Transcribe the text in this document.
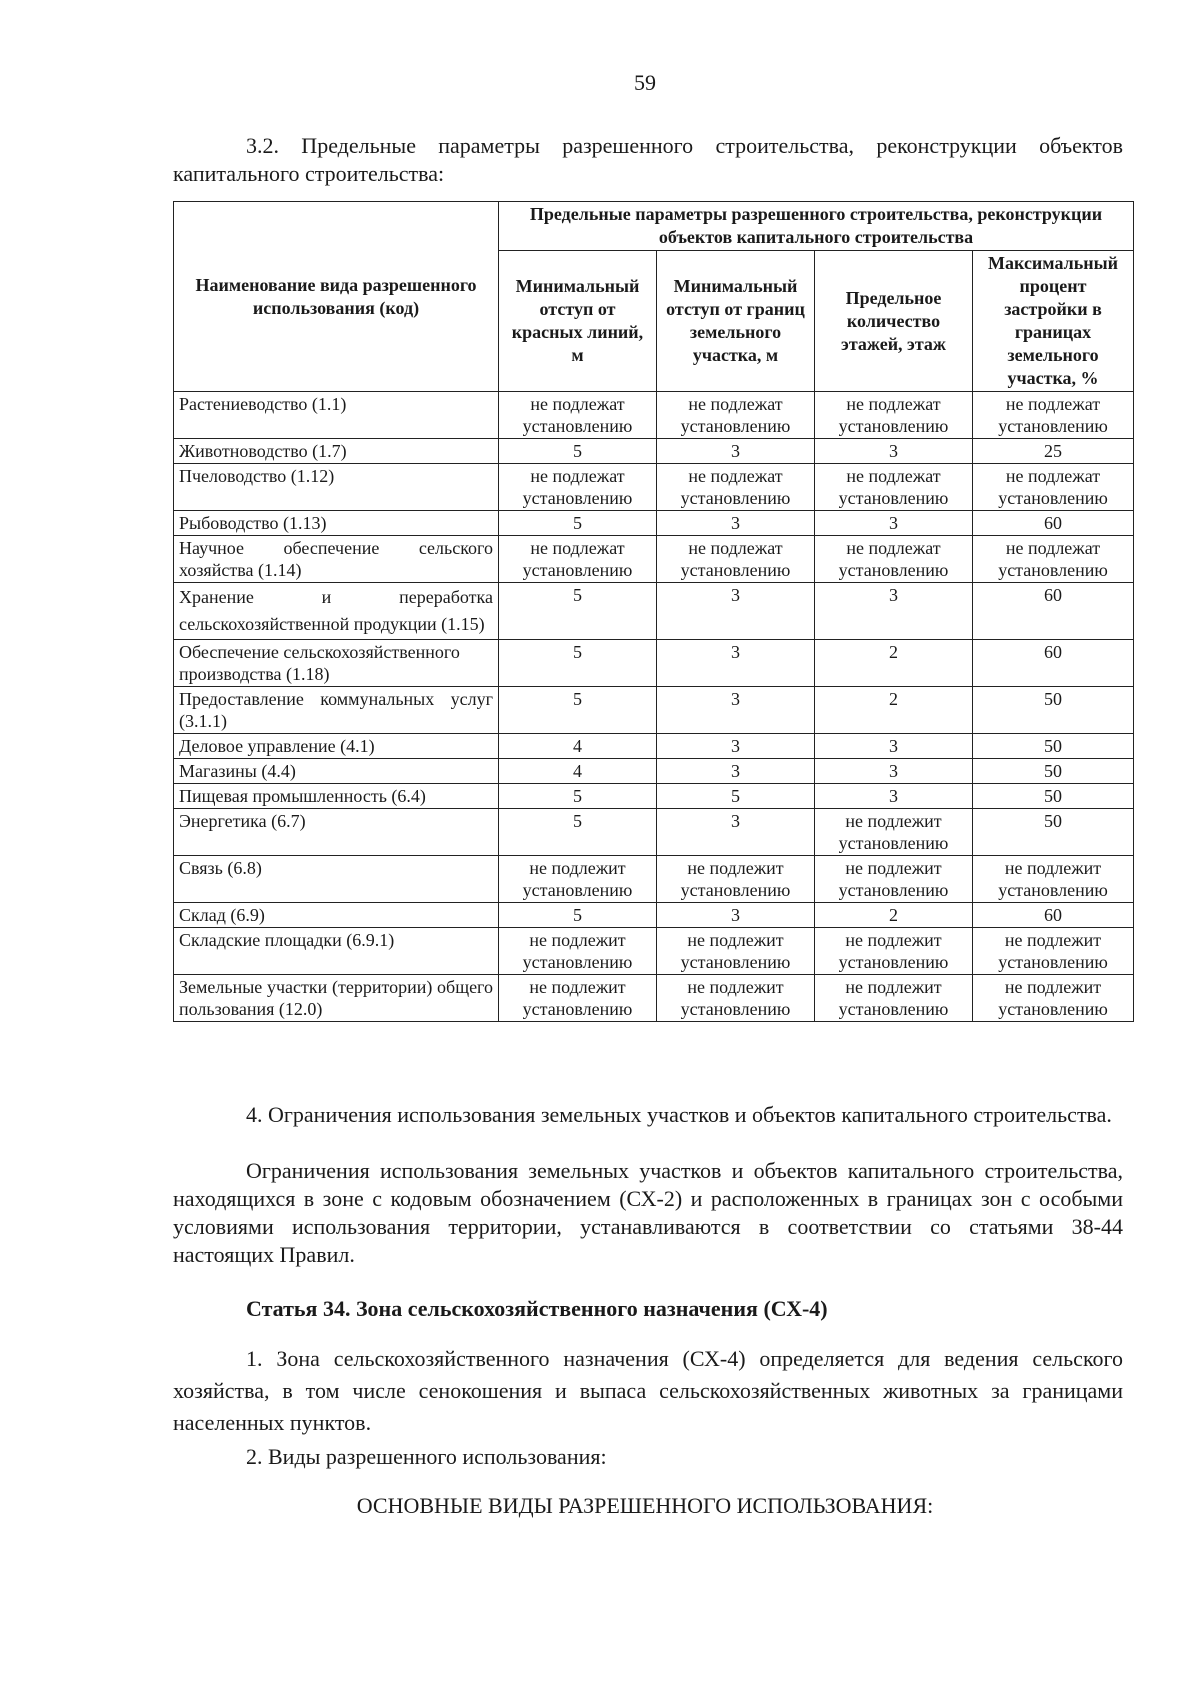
59

3.2. Предельные параметры разрешенного строительства, реконструкции объектов капитального строительства:

Наименование вида разрешенного использования (код)	Предельные параметры разрешенного строительства, реконструкции объектов капитального строительства			
	Минимальный отступ от красных линий, м	Минимальный отступ от границ земельного участка, м	Предельное количество этажей, этаж	Максимальный процент застройки в границах земельного участка, %
Растениеводство (1.1)	не подлежат установлению	не подлежат установлению	не подлежат установлению	не подлежат установлению
Животноводство (1.7)	5	3	3	25
Пчеловодство (1.12)	не подлежат установлению	не подлежат установлению	не подлежат установлению	не подлежат установлению
Рыбоводство (1.13)	5	3	3	60
Научное обеспечение сельского хозяйства (1.14)	не подлежат установлению	не подлежат установлению	не подлежат установлению	не подлежат установлению
Хранение и переработка сельскохозяйственной продукции (1.15)	5	3	3	60
Обеспечение сельскохозяйственного производства (1.18)	5	3	2	60
Предоставление коммунальных услуг (3.1.1)	5	3	2	50
Деловое управление (4.1)	4	3	3	50
Магазины (4.4)	4	3	3	50
Пищевая промышленность (6.4)	5	5	3	50
Энергетика (6.7)	5	3	не подлежит установлению	50
Связь (6.8)	не подлежит установлению	не подлежит установлению	не подлежит установлению	не подлежит установлению
Склад (6.9)	5	3	2	60
Складские площадки (6.9.1)	не подлежит установлению	не подлежит установлению	не подлежит установлению	не подлежит установлению
Земельные участки (территории) общего пользования (12.0)	не подлежит установлению	не подлежит установлению	не подлежит установлению	не подлежит установлению

4. Ограничения использования земельных участков и объектов капитального строительства.

Ограничения использования земельных участков и объектов капитального строительства, находящихся в зоне с кодовым обозначением (СХ-2) и расположенных в границах зон с особыми условиями использования территории, устанавливаются в соответствии со статьями 38-44 настоящих Правил.

Статья 34. Зона сельскохозяйственного назначения (СХ-4)

1. Зона сельскохозяйственного назначения (СХ-4) определяется для ведения сельского хозяйства, в том числе сенокошения и выпаса сельскохозяйственных животных за границами населенных пунктов.

2. Виды разрешенного использования:

ОСНОВНЫЕ ВИДЫ РАЗРЕШЕННОГО ИСПОЛЬЗОВАНИЯ:
